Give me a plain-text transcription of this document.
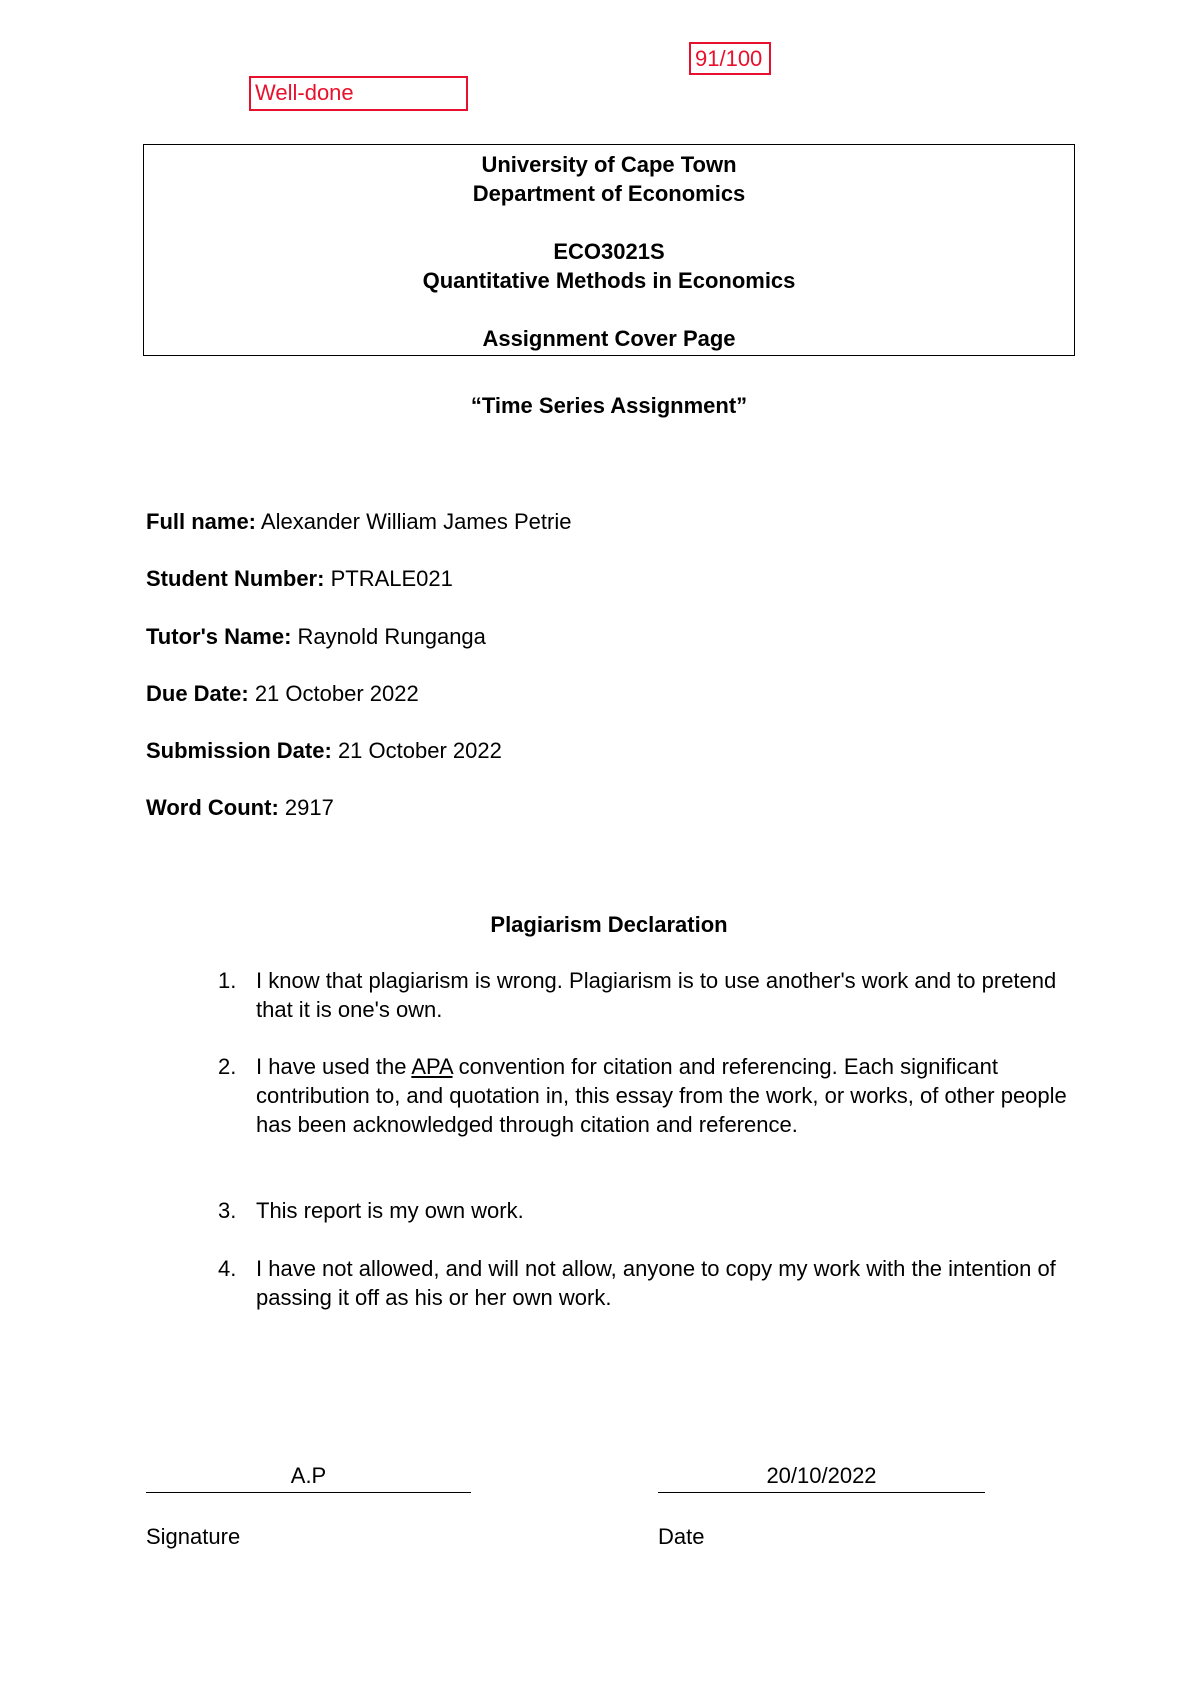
91/100
Well-done
University of Cape Town
Department of Economics
ECO3021S
Quantitative Methods in Economics
Assignment Cover Page
“Time Series Assignment”
Full name: Alexander William James Petrie
Student Number: PTRALE021
Tutor's Name: Raynold Runganga
Due Date: 21 October 2022
Submission Date: 21 October 2022
Word Count: 2917
Plagiarism Declaration
1. I know that plagiarism is wrong. Plagiarism is to use another's work and to pretend that it is one's own.
2. I have used the APA convention for citation and referencing. Each significant contribution to, and quotation in, this essay from the work, or works, of other people has been acknowledged through citation and reference.
3. This report is my own work.
4. I have not allowed, and will not allow, anyone to copy my work with the intention of passing it off as his or her own work.
A.P	20/10/2022
Signature	Date
